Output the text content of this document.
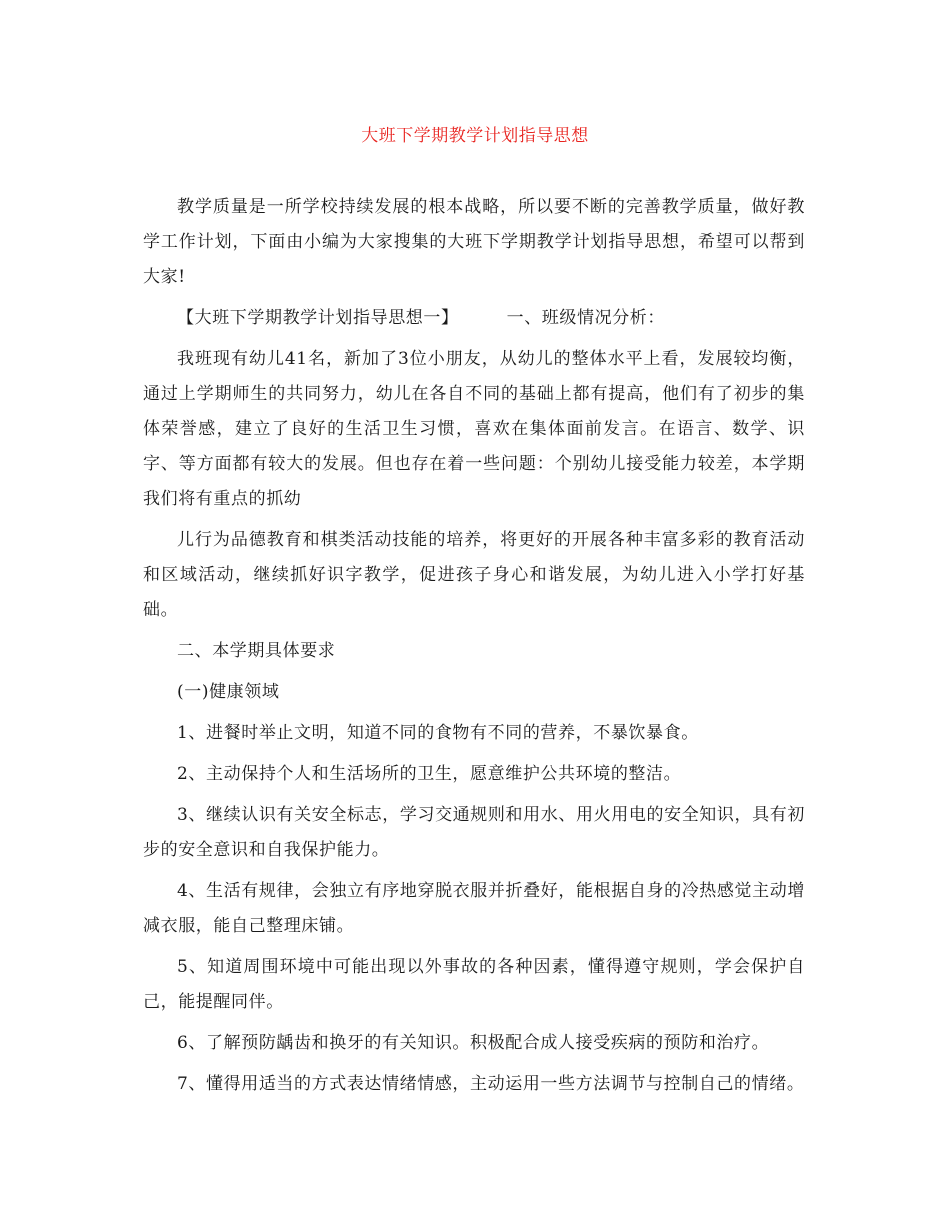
大班下学期教学计划指导思想

教学质量是一所学校持续发展的根本战略，所以要不断的完善教学质量，做好教学工作计划，下面由小编为大家搜集的大班下学期教学计划指导思想，希望可以帮到大家!

【大班下学期教学计划指导思想一】	一、班级情况分析：

我班现有幼儿41名，新加了3位小朋友，从幼儿的整体水平上看，发展较均衡，通过上学期师生的共同努力，幼儿在各自不同的基础上都有提高，他们有了初步的集体荣誉感，建立了良好的生活卫生习惯，喜欢在集体面前发言。在语言、数学、识字、等方面都有较大的发展。但也存在着一些问题：个别幼儿接受能力较差，本学期我们将有重点的抓幼

儿行为品德教育和棋类活动技能的培养，将更好的开展各种丰富多彩的教育活动和区域活动，继续抓好识字教学，促进孩子身心和谐发展，为幼儿进入小学打好基础。

二、本学期具体要求

(一)健康领域

1、进餐时举止文明，知道不同的食物有不同的营养，不暴饮暴食。

2、主动保持个人和生活场所的卫生，愿意维护公共环境的整洁。

3、继续认识有关安全标志，学习交通规则和用水、用火用电的安全知识，具有初步的安全意识和自我保护能力。

4、生活有规律，会独立有序地穿脱衣服并折叠好，能根据自身的冷热感觉主动增减衣服，能自己整理床铺。

5、知道周围环境中可能出现以外事故的各种因素，懂得遵守规则，学会保护自己，能提醒同伴。

6、了解预防龋齿和换牙的有关知识。积极配合成人接受疾病的预防和治疗。

7、懂得用适当的方式表达情绪情感，主动运用一些方法调节与控制自己的情绪。
